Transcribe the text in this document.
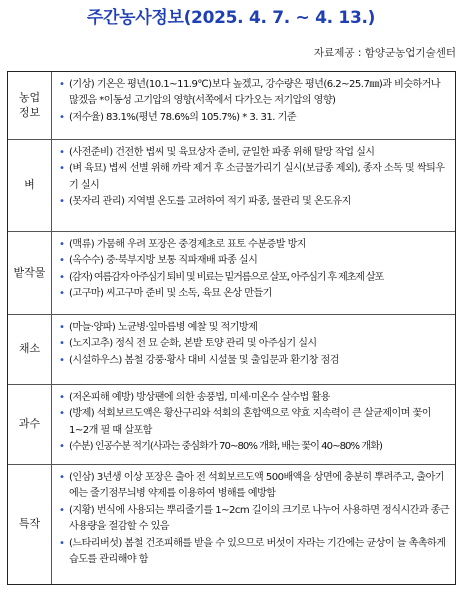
주간농사정보(2025. 4. 7. ~ 4. 13.)
자료제공 : 함양군농업기술센터
농업
정보
• (기상) 기온은 평년(10.1~11.9℃)보다 높겠고, 강수량은 평년(6.2~25.7㎜)과 비슷하거나 많겠음 *이동성 고기압의 영향(서쪽에서 다가오는 저기압의 영향)
• (저수율) 83.1%(평년 78.6%의 105.7%) * 3. 31. 기준
벼
• (사전준비) 건전한 볍씨 및 육묘상자 준비, 균일한 파종 위해 탈망 작업 실시
• (벼 육묘) 볍씨 선별 위해 까락 제거 후 소금물가리기 실시(보급종 제외), 종자 소독 및 싹틔우기 실시
• (못자리 관리) 지역별 온도를 고려하여 적기 파종, 물관리 및 온도유지
밭작물
• (맥류) 가뭄해 우려 포장은 중경제초로 표토 수분증발 방지
• (옥수수) 중·북부지방 보통 직파재배 파종 실시
• (감자) 여름감자 아주심기 퇴비 및 비료는 밑거름으로 살포, 아주심기 후 제초제 살포
• (고구마) 씨고구마 준비 및 소독, 육묘 온상 만들기
채소
• (마늘·양파) 노균병·잎마름병 예찰 및 적기방제
• (노지고추) 정식 전 묘 순화, 본밭 토양 관리 및 아주심기 실시
• (시설하우스) 봄철 강풍·황사 대비 시설물 및 출입문과 환기창 점검
과수
• (저온피해 예방) 방상팬에 의한 송풍법, 미세·미온수 살수법 활용
• (방제) 석회보르도액은 황산구리와 석회의 혼합액으로 약효 지속력이 큰 살균제이며 꽃이 1~2개 필 때 살포함
• (수분) 인공수분 적기(사과는 중심화가 70~80% 개화, 배는 꽃이 40~80% 개화)
특작
• (인삼) 3년생 이상 포장은 출아 전 석회보르도액 500배액을 상면에 충분히 뿌려주고, 출아기에는 줄기점무늬병 약제를 이용하여 병해를 예방함
• (지황) 번식에 사용되는 뿌리줄기를 1~2cm 길이의 크기로 나누어 사용하면 정식시간과 종근 사용량을 절감할 수 있음
• (느타리버섯) 봄철 건조피해를 받을 수 있으므로 버섯이 자라는 기간에는 균상이 늘 촉촉하게 습도를 관리해야 함
